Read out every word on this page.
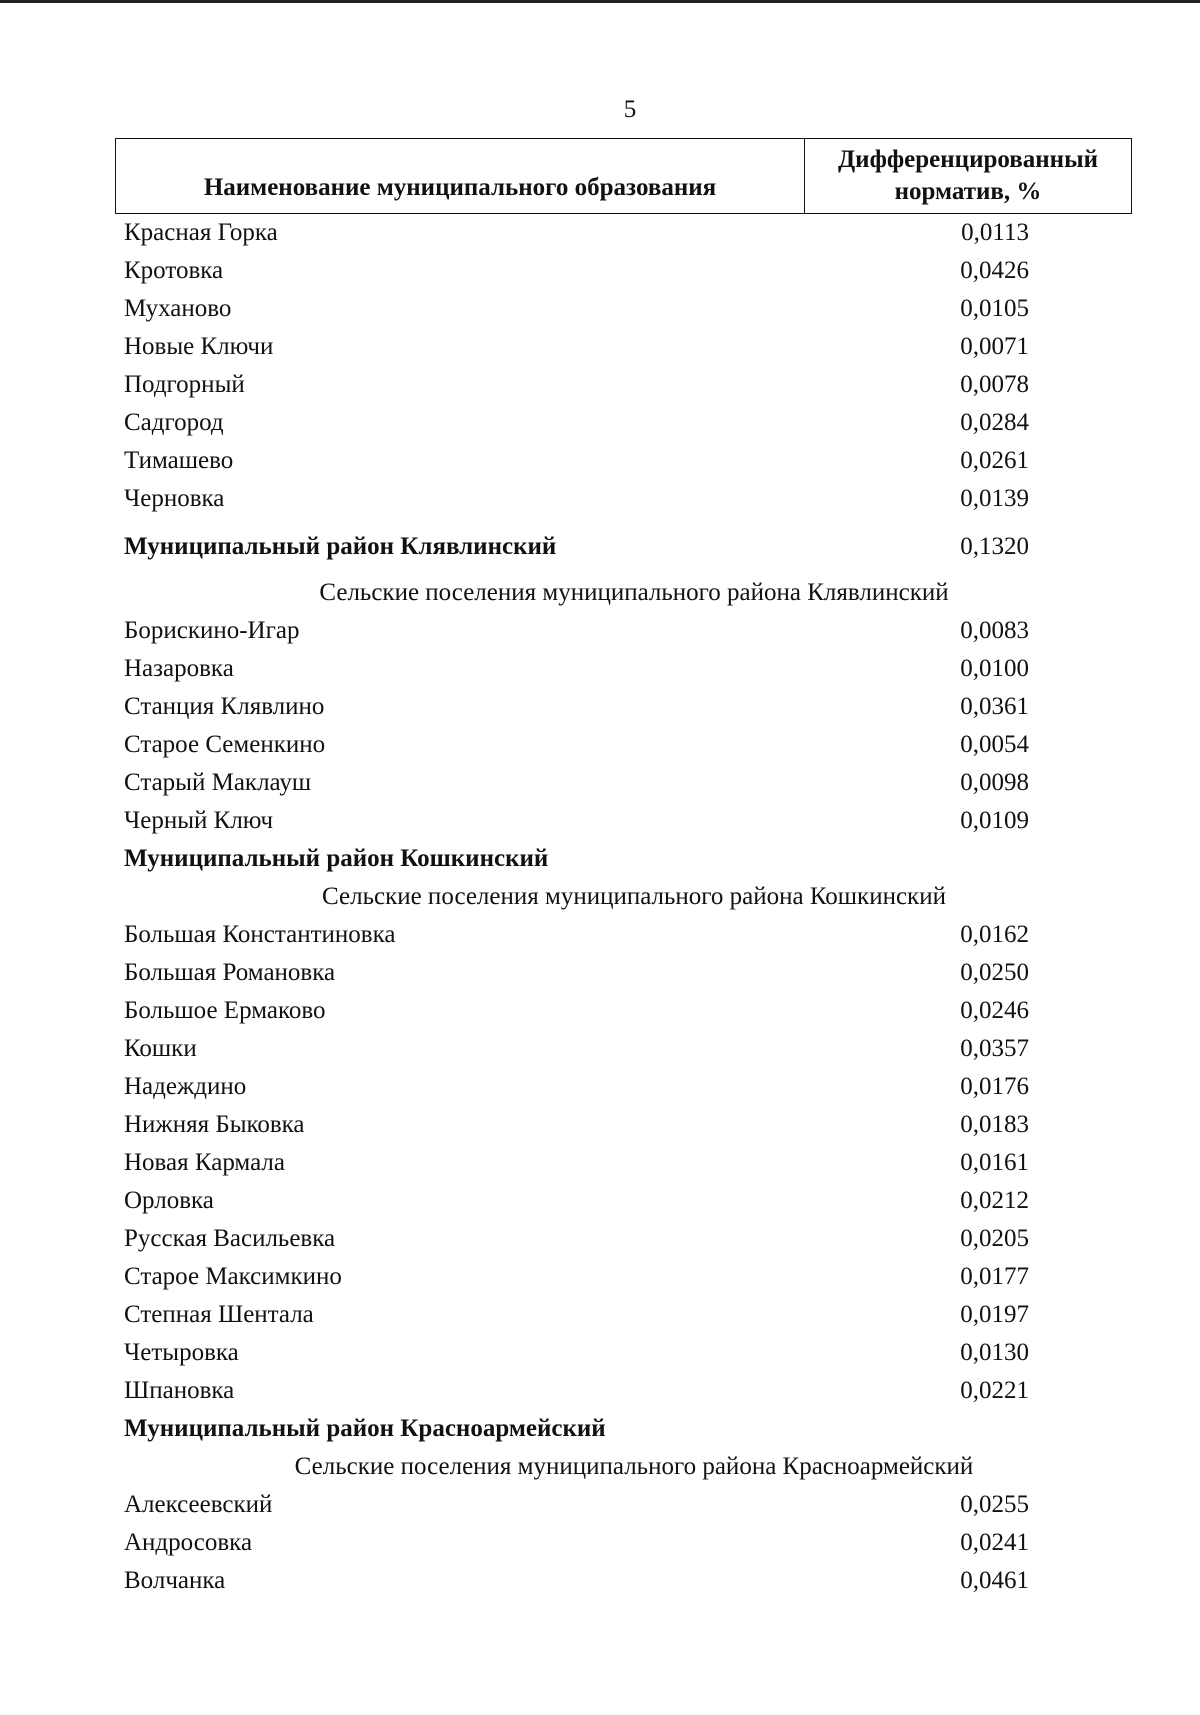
5
Наименование муниципального образования
Дифференцированный
норматив, %
Красная Горка	0,0113
Кротовка	0,0426
Муханово	0,0105
Новые Ключи	0,0071
Подгорный	0,0078
Садгород	0,0284
Тимашево	0,0261
Черновка	0,0139
Муниципальный район Клявлинский	0,1320
Сельские поселения муниципального района Клявлинский
Борискино-Игар	0,0083
Назаровка	0,0100
Станция Клявлино	0,0361
Старое Семенкино	0,0054
Старый Маклауш	0,0098
Черный Ключ	0,0109
Муниципальный район Кошкинский
Сельские поселения муниципального района Кошкинский
Большая Константиновка	0,0162
Большая Романовка	0,0250
Большое Ермаково	0,0246
Кошки	0,0357
Надеждино	0,0176
Нижняя Быковка	0,0183
Новая Кармала	0,0161
Орловка	0,0212
Русская Васильевка	0,0205
Старое Максимкино	0,0177
Степная Шентала	0,0197
Четыровка	0,0130
Шпановка	0,0221
Муниципальный район Красноармейский
Сельские поселения муниципального района Красноармейский
Алексеевский	0,0255
Андросовка	0,0241
Волчанка	0,0461
